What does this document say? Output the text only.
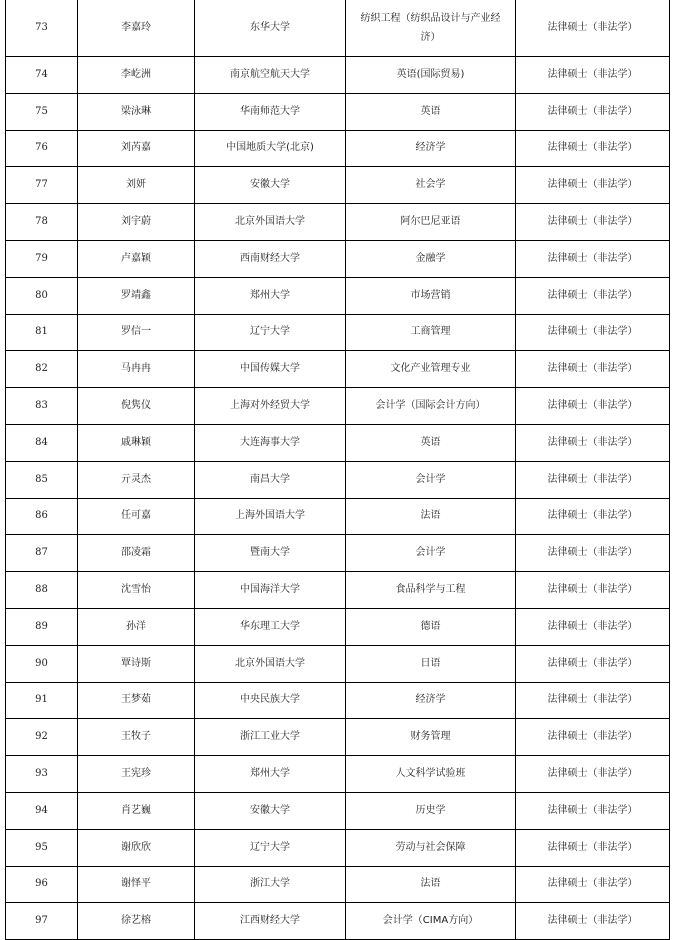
73	李嘉玲	东华大学	纺织工程（纺织品设计与产业经济）	法律硕士（非法学）
74	李屹洲	南京航空航天大学	英语(国际贸易)	法律硕士（非法学）
75	梁泳琳	华南师范大学	英语	法律硕士（非法学）
76	刘芮嘉	中国地质大学(北京)	经济学	法律硕士（非法学）
77	刘妍	安徽大学	社会学	法律硕士（非法学）
78	刘宇蔚	北京外国语大学	阿尔巴尼亚语	法律硕士（非法学）
79	卢嘉颖	西南财经大学	金融学	法律硕士（非法学）
80	罗靖鑫	郑州大学	市场营销	法律硕士（非法学）
81	罗信一	辽宁大学	工商管理	法律硕士（非法学）
82	马冉冉	中国传媒大学	文化产业管理专业	法律硕士（非法学）
83	倪隽仪	上海对外经贸大学	会计学（国际会计方向）	法律硕士（非法学）
84	戚琳颖	大连海事大学	英语	法律硕士（非法学）
85	亓灵杰	南昌大学	会计学	法律硕士（非法学）
86	任可嘉	上海外国语大学	法语	法律硕士（非法学）
87	邵凌霜	暨南大学	会计学	法律硕士（非法学）
88	沈雪怡	中国海洋大学	食品科学与工程	法律硕士（非法学）
89	孙洋	华东理工大学	德语	法律硕士（非法学）
90	覃诗斯	北京外国语大学	日语	法律硕士（非法学）
91	王梦茹	中央民族大学	经济学	法律硕士（非法学）
92	王牧子	浙江工业大学	财务管理	法律硕士（非法学）
93	王宪珍	郑州大学	人文科学试验班	法律硕士（非法学）
94	肖艺巍	安徽大学	历史学	法律硕士（非法学）
95	谢欣欣	辽宁大学	劳动与社会保障	法律硕士（非法学）
96	谢怿平	浙江大学	法语	法律硕士（非法学）
97	徐艺榕	江西财经大学	会计学（CIMA方向）	法律硕士（非法学）
